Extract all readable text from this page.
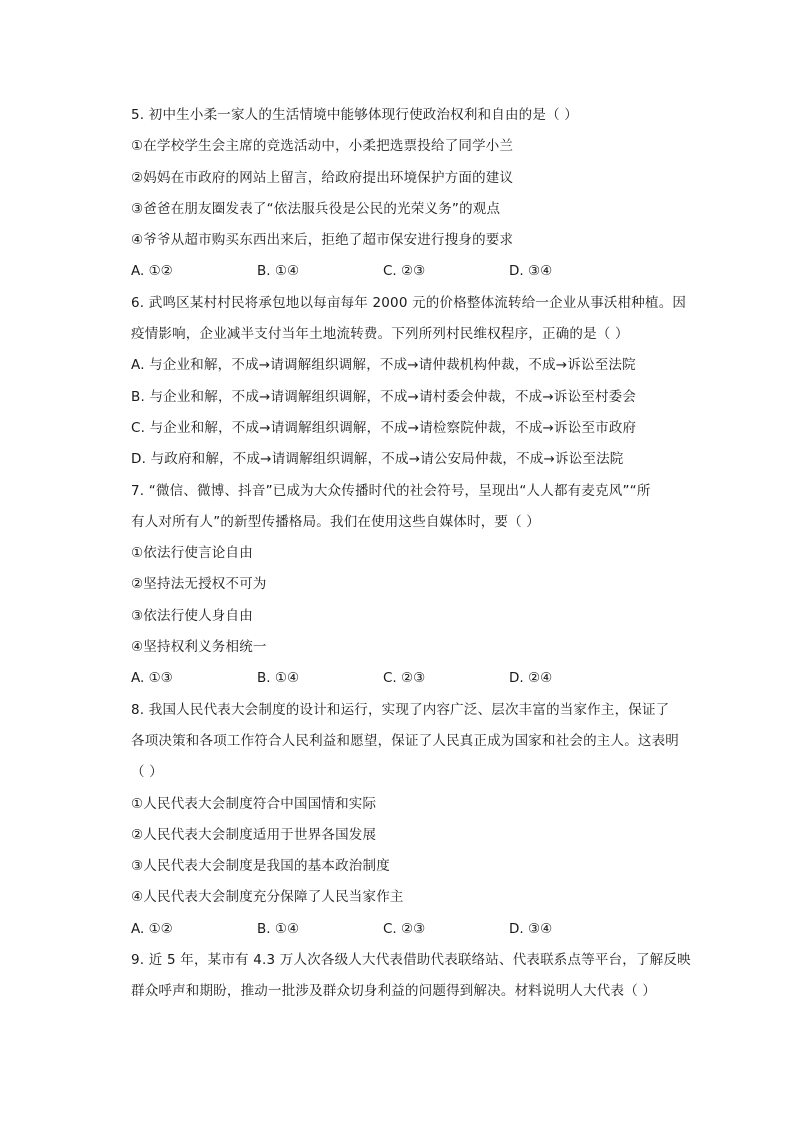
5. 初中生小柔一家人的生活情境中能够体现行使政治权利和自由的是（ ）
①在学校学生会主席的竞选活动中，小柔把选票投给了同学小兰
②妈妈在市政府的网站上留言，给政府提出环境保护方面的建议
③爸爸在朋友圈发表了“依法服兵役是公民的光荣义务”的观点
④爷爷从超市购买东西出来后，拒绝了超市保安进行搜身的要求
A. ①②	B. ①④	C. ②③	D. ③④
6. 武鸣区某村村民将承包地以每亩每年 2000 元的价格整体流转给一企业从事沃柑种植。因
疫情影响，企业减半支付当年土地流转费。下列所列村民维权程序，正确的是（ ）
A. 与企业和解，不成→请调解组织调解，不成→请仲裁机构仲裁，不成→诉讼至法院
B. 与企业和解，不成→请调解组织调解，不成→请村委会仲裁，不成→诉讼至村委会
C. 与企业和解，不成→请调解组织调解，不成→请检察院仲裁，不成→诉讼至市政府
D. 与政府和解，不成→请调解组织调解，不成→请公安局仲裁，不成→诉讼至法院
7. “微信、微博、抖音”已成为大众传播时代的社会符号，呈现出“人人都有麦克风”“所
有人对所有人”的新型传播格局。我们在使用这些自媒体时，要（ ）
①依法行使言论自由
②坚持法无授权不可为
③依法行使人身自由
④坚持权利义务相统一
A. ①③	B. ①④	C. ②③	D. ②④
8. 我国人民代表大会制度的设计和运行，实现了内容广泛、层次丰富的当家作主，保证了
各项决策和各项工作符合人民利益和愿望，保证了人民真正成为国家和社会的主人。这表明
（ ）
①人民代表大会制度符合中国国情和实际
②人民代表大会制度适用于世界各国发展
③人民代表大会制度是我国的基本政治制度
④人民代表大会制度充分保障了人民当家作主
A. ①②	B. ①④	C. ②③	D. ③④
9. 近 5 年，某市有 4.3 万人次各级人大代表借助代表联络站、代表联系点等平台，了解反映
群众呼声和期盼，推动一批涉及群众切身利益的问题得到解决。材料说明人大代表（ ）
